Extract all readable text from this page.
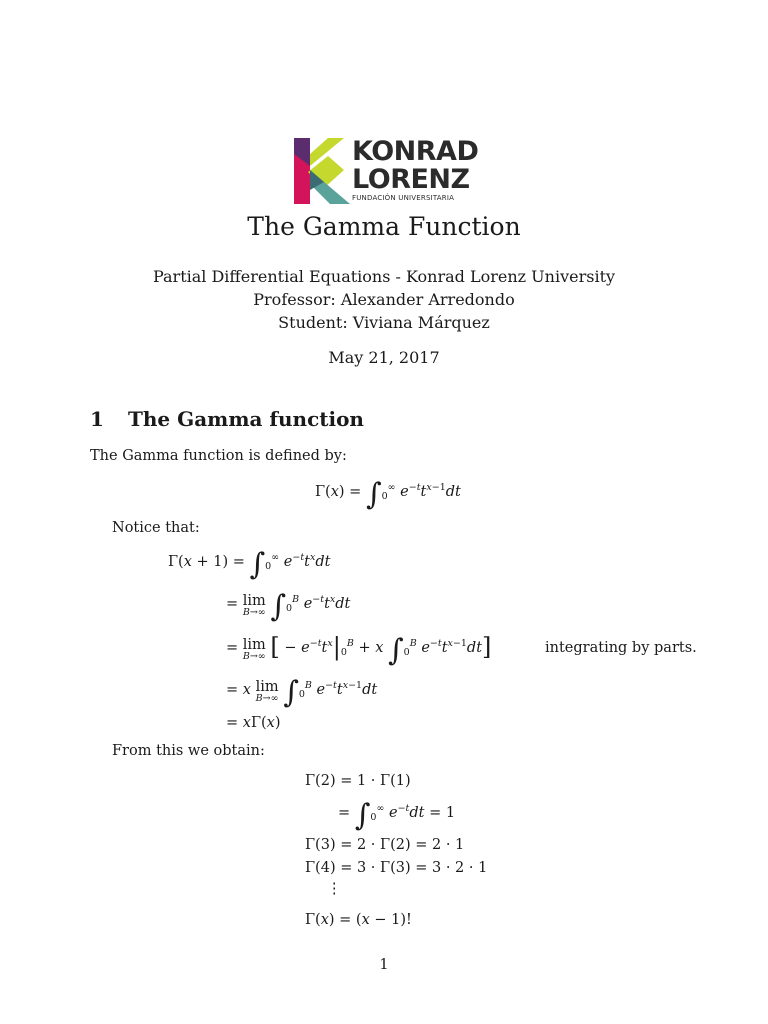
KONRAD
LORENZ
FUNDACIÓN UNIVERSITARIA
The Gamma Function
Partial Differential Equations - Konrad Lorenz University
Professor: Alexander Arredondo
Student: Viviana Márquez
May 21, 2017
1 The Gamma function
The Gamma function is defined by:
$\Gamma(x) = \int_0^\infty$ $e^{-t}t^{x-1}dt$
Notice that:
$\Gamma(x + 1) = \int_0^\infty$ $e^{-t}t^xdt$
= lim
B→∞ $\int_0^B$ $e^{-t}t^xdt$
= lim
B→∞ [ − $e^{-t}t^x|_0^B + x$ $\int_0^B$ $e^{-t}t^{x-1}dt$]	integrating by parts.
= x lim
B→∞ $\int_0^B$ $e^{-t}t^{x-1}dt$
= xΓ(x)
From this we obtain:
Γ(2) = 1 · Γ(1)
= $\int_0^\infty$ $e^{-t}dt = 1$
Γ(3) = 2 · Γ(2) = 2 · 1
Γ(4) = 3 · Γ(3) = 3 · 2 · 1
⋮
Γ(x) = (x − 1)!
1
